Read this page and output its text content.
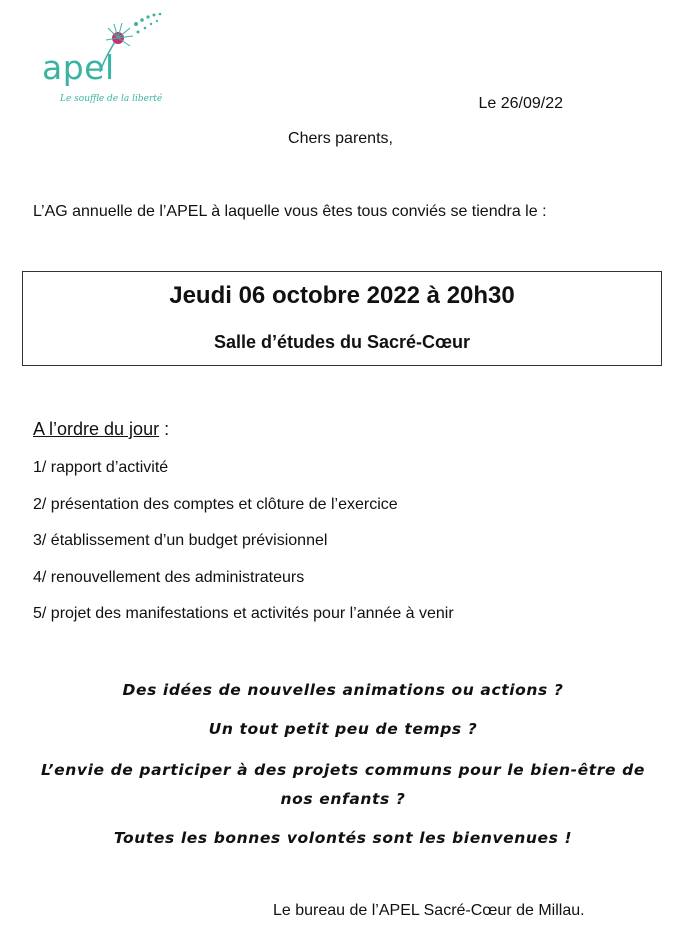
apel
Le souffle de la liberté	Le 26/09/22
Chers parents,
L’AG annuelle de l’APEL à laquelle vous êtes tous conviés se tiendra le :
Jeudi 06 octobre 2022 à 20h30
Salle d’études du Sacré-Cœur
A l’ordre du jour :
1/ rapport d’activité
2/ présentation des comptes et clôture de l’exercice
3/ établissement d’un budget prévisionnel
4/ renouvellement des administrateurs
5/ projet des manifestations et activités pour l’année à venir
Des idées de nouvelles animations ou actions ?
Un tout petit peu de temps ?
L’envie de participer à des projets communs pour le bien-être de nos enfants ?
Toutes les bonnes volontés sont les bienvenues !
Le bureau de l’APEL Sacré-Cœur de Millau.
